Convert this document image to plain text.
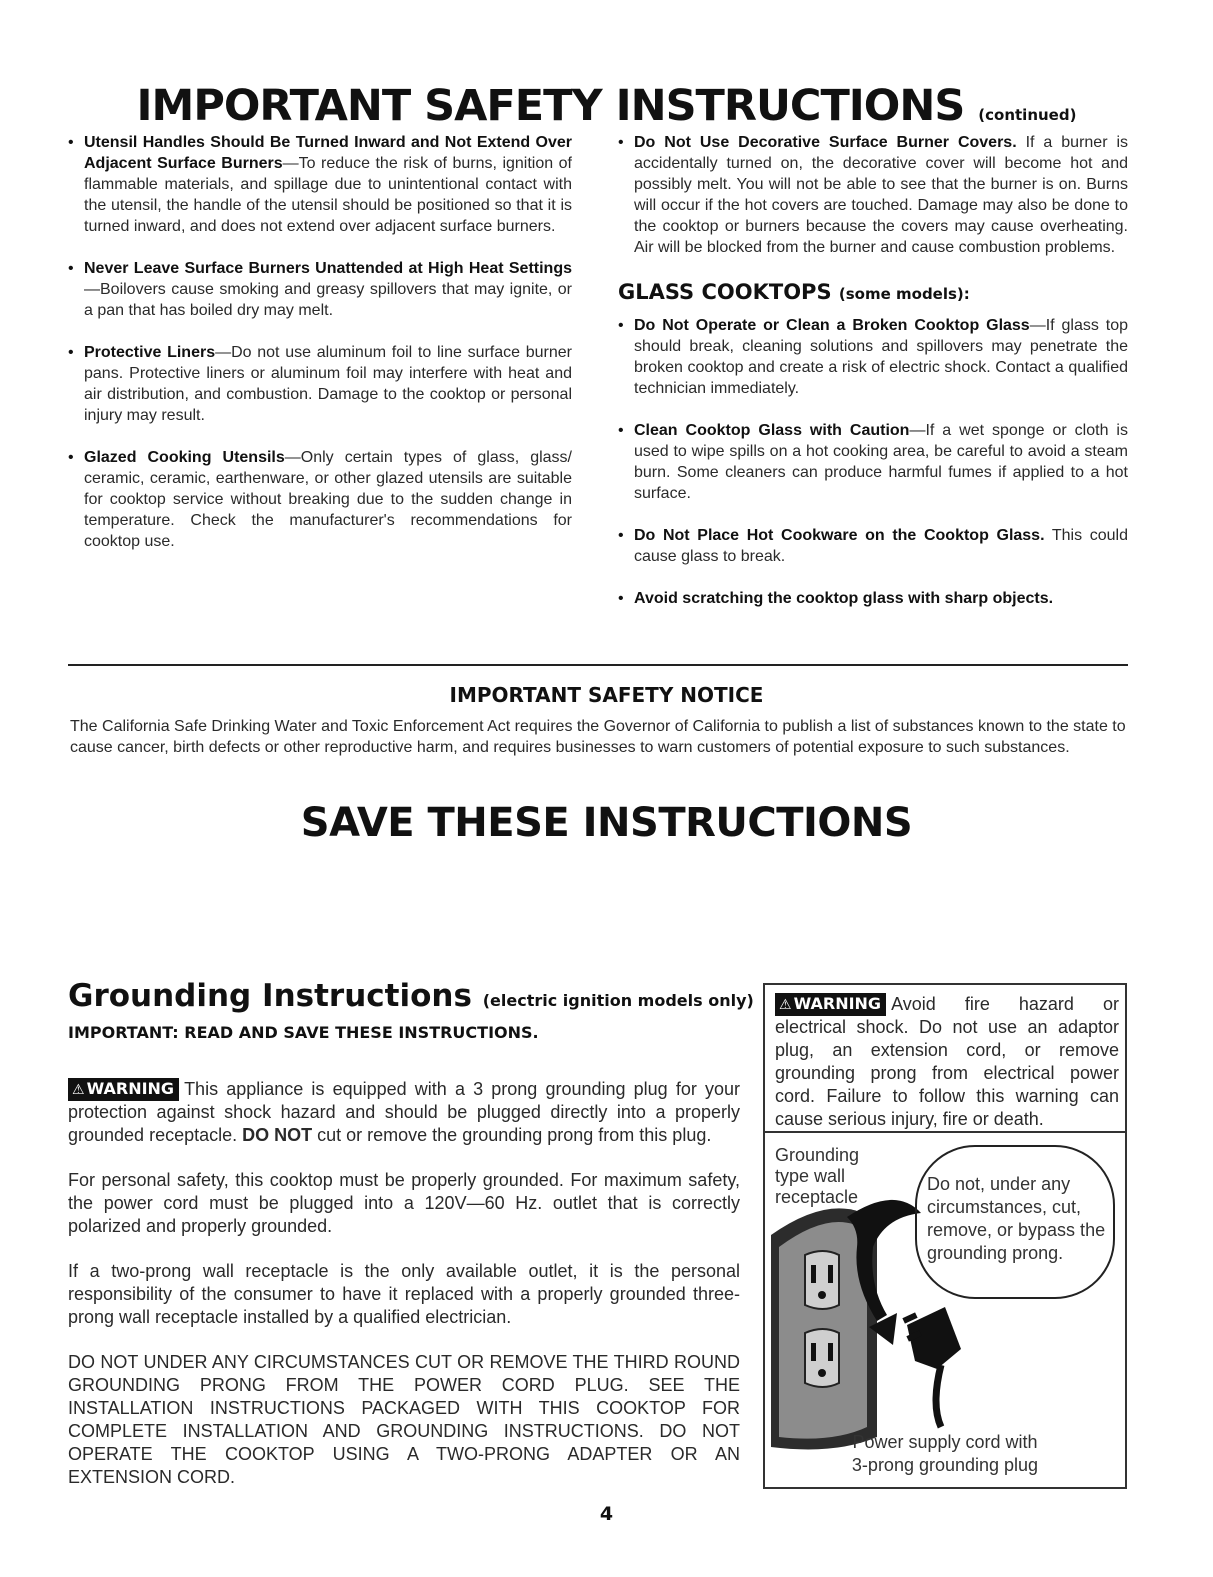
IMPORTANT SAFETY INSTRUCTIONS (continued)
• Utensil Handles Should Be Turned Inward and Not Extend Over Adjacent Surface Burners—To reduce the risk of burns, ignition of flammable materials, and spillage due to unintentional contact with the utensil, the handle of the utensil should be positioned so that it is turned inward, and does not extend over adjacent surface burners.
• Never Leave Surface Burners Unattended at High Heat Settings—Boilovers cause smoking and greasy spillovers that may ignite, or a pan that has boiled dry may melt.
• Protective Liners—Do not use aluminum foil to line surface burner pans. Protective liners or aluminum foil may interfere with heat and air distribution, and combustion. Damage to the cooktop or personal injury may result.
• Glazed Cooking Utensils—Only certain types of glass, glass/ ceramic, ceramic, earthenware, or other glazed utensils are suitable for cooktop service without breaking due to the sudden change in temperature. Check the manufacturer's recommendations for cooktop use.
• Do Not Use Decorative Surface Burner Covers. If a burner is accidentally turned on, the decorative cover will become hot and possibly melt. You will not be able to see that the burner is on. Burns will occur if the hot covers are touched. Damage may also be done to the cooktop or burners because the covers may cause overheating. Air will be blocked from the burner and cause combustion problems.
GLASS COOKTOPS (some models):
• Do Not Operate or Clean a Broken Cooktop Glass—If glass top should break, cleaning solutions and spillovers may penetrate the broken cooktop and create a risk of electric shock. Contact a qualified technician immediately.
• Clean Cooktop Glass with Caution—If a wet sponge or cloth is used to wipe spills on a hot cooking area, be careful to avoid a steam burn. Some cleaners can produce harmful fumes if applied to a hot surface.
• Do Not Place Hot Cookware on the Cooktop Glass. This could cause glass to break.
• Avoid scratching the cooktop glass with sharp objects.
IMPORTANT SAFETY NOTICE
The California Safe Drinking Water and Toxic Enforcement Act requires the Governor of California to publish a list of substances known to the state to cause cancer, birth defects or other reproductive harm, and requires businesses to warn customers of potential exposure to such substances.
SAVE THESE INSTRUCTIONS
Grounding Instructions (electric ignition models only)
IMPORTANT: READ AND SAVE THESE INSTRUCTIONS.

⚠ WARNING This appliance is equipped with a 3 prong grounding plug for your protection against shock hazard and should be plugged directly into a properly grounded receptacle. DO NOT cut or remove the grounding prong from this plug.

For personal safety, this cooktop must be properly grounded. For maximum safety, the power cord must be plugged into a 120V—60 Hz. outlet that is correctly polarized and properly grounded.

If a two-prong wall receptacle is the only available outlet, it is the personal responsibility of the consumer to have it replaced with a properly grounded three-prong wall receptacle installed by a qualified electrician.

DO NOT UNDER ANY CIRCUMSTANCES CUT OR REMOVE THE THIRD ROUND GROUNDING PRONG FROM THE POWER CORD PLUG. SEE THE INSTALLATION INSTRUCTIONS PACKAGED WITH THIS COOKTOP FOR COMPLETE INSTALLATION AND GROUNDING INSTRUCTIONS. DO NOT OPERATE THE COOKTOP USING A TWO-PRONG ADAPTER OR AN EXTENSION CORD.

⚠ WARNING Avoid fire hazard or electrical shock. Do not use an adaptor plug, an extension cord, or remove grounding prong from electrical power cord. Failure to follow this warning can cause serious injury, fire or death.
Grounding
type wall
receptacle
Do not, under any circumstances, cut, remove, or bypass the grounding prong.
Power supply cord with
3-prong grounding plug
4
